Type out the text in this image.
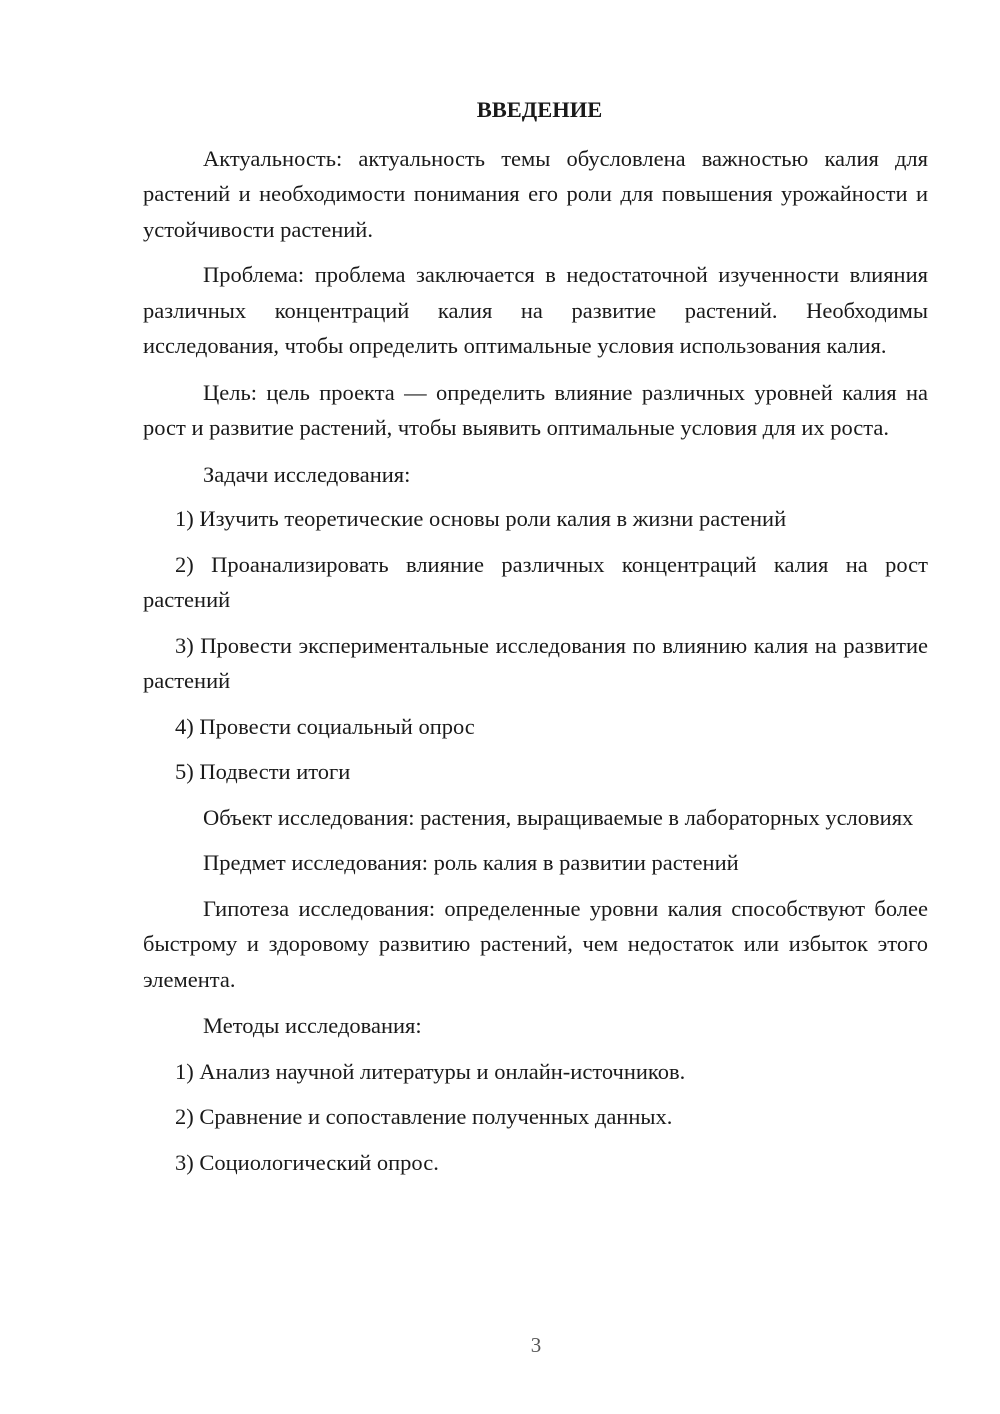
ВВЕДЕНИЕ

Актуальность: актуальность темы обусловлена важностью калия для растений и необходимости понимания его роли для повышения урожайности и устойчивости растений.

Проблема: проблема заключается в недостаточной изученности влияния различных концентраций калия на развитие растений. Необходимы исследования, чтобы определить оптимальные условия использования калия.

Цель: цель проекта — определить влияние различных уровней калия на рост и развитие растений, чтобы выявить оптимальные условия для их роста.

Задачи исследования:

1) Изучить теоретические основы роли калия в жизни растений

2) Проанализировать влияние различных концентраций калия на рост растений

3) Провести экспериментальные исследования по влиянию калия на развитие растений

4) Провести социальный опрос

5) Подвести итоги

Объект исследования: растения, выращиваемые в лабораторных условиях

Предмет исследования: роль калия в развитии растений

Гипотеза исследования: определенные уровни калия способствуют более быстрому и здоровому развитию растений, чем недостаток или избыток этого элемента.

Методы исследования:

1) Анализ научной литературы и онлайн-источников.

2) Сравнение и сопоставление полученных данных.

3) Социологический опрос.

3
